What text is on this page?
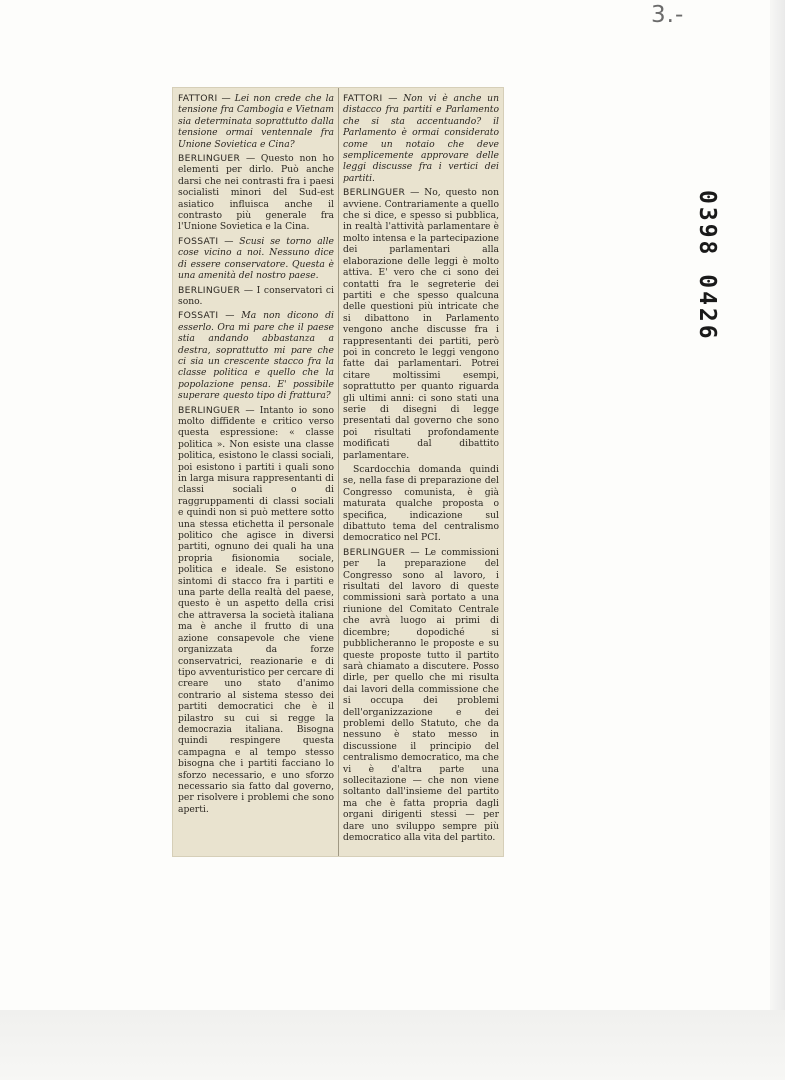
3.-
0398 0426

FATTORI — Lei non crede che la tensione fra Cambogia e Vietnam sia determinata soprattutto dalla tensione ormai ventennale fra Unione Sovietica e Cina?

BERLINGUER — Questo non ho elementi per dirlo. Può anche darsi che nei contrasti fra i paesi socialisti minori del Sud-est asiatico influisca anche il contrasto più generale fra l'Unione Sovietica e la Cina.

FOSSATI — Scusi se torno alle cose vicino a noi. Nessuno dice di essere conservatore. Questa è una amenità del nostro paese.

BERLINGUER — I conservatori ci sono.

FOSSATI — Ma non dicono di esserlo. Ora mi pare che il paese stia andando abbastanza a destra, soprattutto mi pare che ci sia un crescente stacco fra la classe politica e quello che la popolazione pensa. E' possibile superare questo tipo di frattura?

BERLINGUER — Intanto io sono molto diffidente e critico verso questa espressione: « classe politica ». Non esiste una classe politica, esistono le classi sociali, poi esistono i partiti i quali sono in larga misura rappresentanti di classi sociali o di raggruppamenti di classi sociali e quindi non si può mettere sotto una stessa etichetta il personale politico che agisce in diversi partiti, ognuno dei quali ha una propria fisionomia sociale, politica e ideale. Se esistono sintomi di stacco fra i partiti e una parte della realtà del paese, questo è un aspetto della crisi che attraversa la società italiana ma è anche il frutto di una azione consapevole che viene organizzata da forze conservatrici, reazionarie e di tipo avventuristico per cercare di creare uno stato d'animo contrario al sistema stesso dei partiti democratici che è il pilastro su cui si regge la democrazia italiana. Bisogna quindi respingere questa campagna e al tempo stesso bisogna che i partiti facciano lo sforzo necessario, e uno sforzo necessario sia fatto dal governo, per risolvere i problemi che sono aperti.

FATTORI — Non vi è anche un distacco fra partiti e Parlamento che si sta accentuando? il Parlamento è ormai considerato come un notaio che deve semplicemente approvare delle leggi discusse fra i vertici dei partiti.

BERLINGUER — No, questo non avviene. Contrariamente a quello che si dice, e spesso si pubblica, in realtà l'attività parlamentare è molto intensa e la partecipazione dei parlamentari alla elaborazione delle leggi è molto attiva. E' vero che ci sono dei contatti fra le segreterie dei partiti e che spesso qualcuna delle questioni più intricate che si dibattono in Parlamento vengono anche discusse fra i rappresentanti dei partiti, però poi in concreto le leggi vengono fatte dai parlamentari. Potrei citare moltissimi esempi, soprattutto per quanto riguarda gli ultimi anni: ci sono stati una serie di disegni di legge presentati dal governo che sono poi risultati profondamente modificati dal dibattito parlamentare.

Scardocchia domanda quindi se, nella fase di preparazione del Congresso comunista, è già maturata qualche proposta o specifica, indicazione sul dibattuto tema del centralismo democratico nel PCI.

BERLINGUER — Le commissioni per la preparazione del Congresso sono al lavoro, i risultati del lavoro di queste commissioni sarà portato a una riunione del Comitato Centrale che avrà luogo ai primi di dicembre; dopodiché si pubblicheranno le proposte e su queste proposte tutto il partito sarà chiamato a discutere. Posso dirle, per quello che mi risulta dai lavori della commissione che si occupa dei problemi dell'organizzazione e dei problemi dello Statuto, che da nessuno è stato messo in discussione il principio del centralismo democratico, ma che vi è d'altra parte una sollecitazione — che non viene soltanto dall'insieme del partito ma che è fatta propria dagli organi dirigenti stessi — per dare uno sviluppo sempre più democratico alla vita del partito.
